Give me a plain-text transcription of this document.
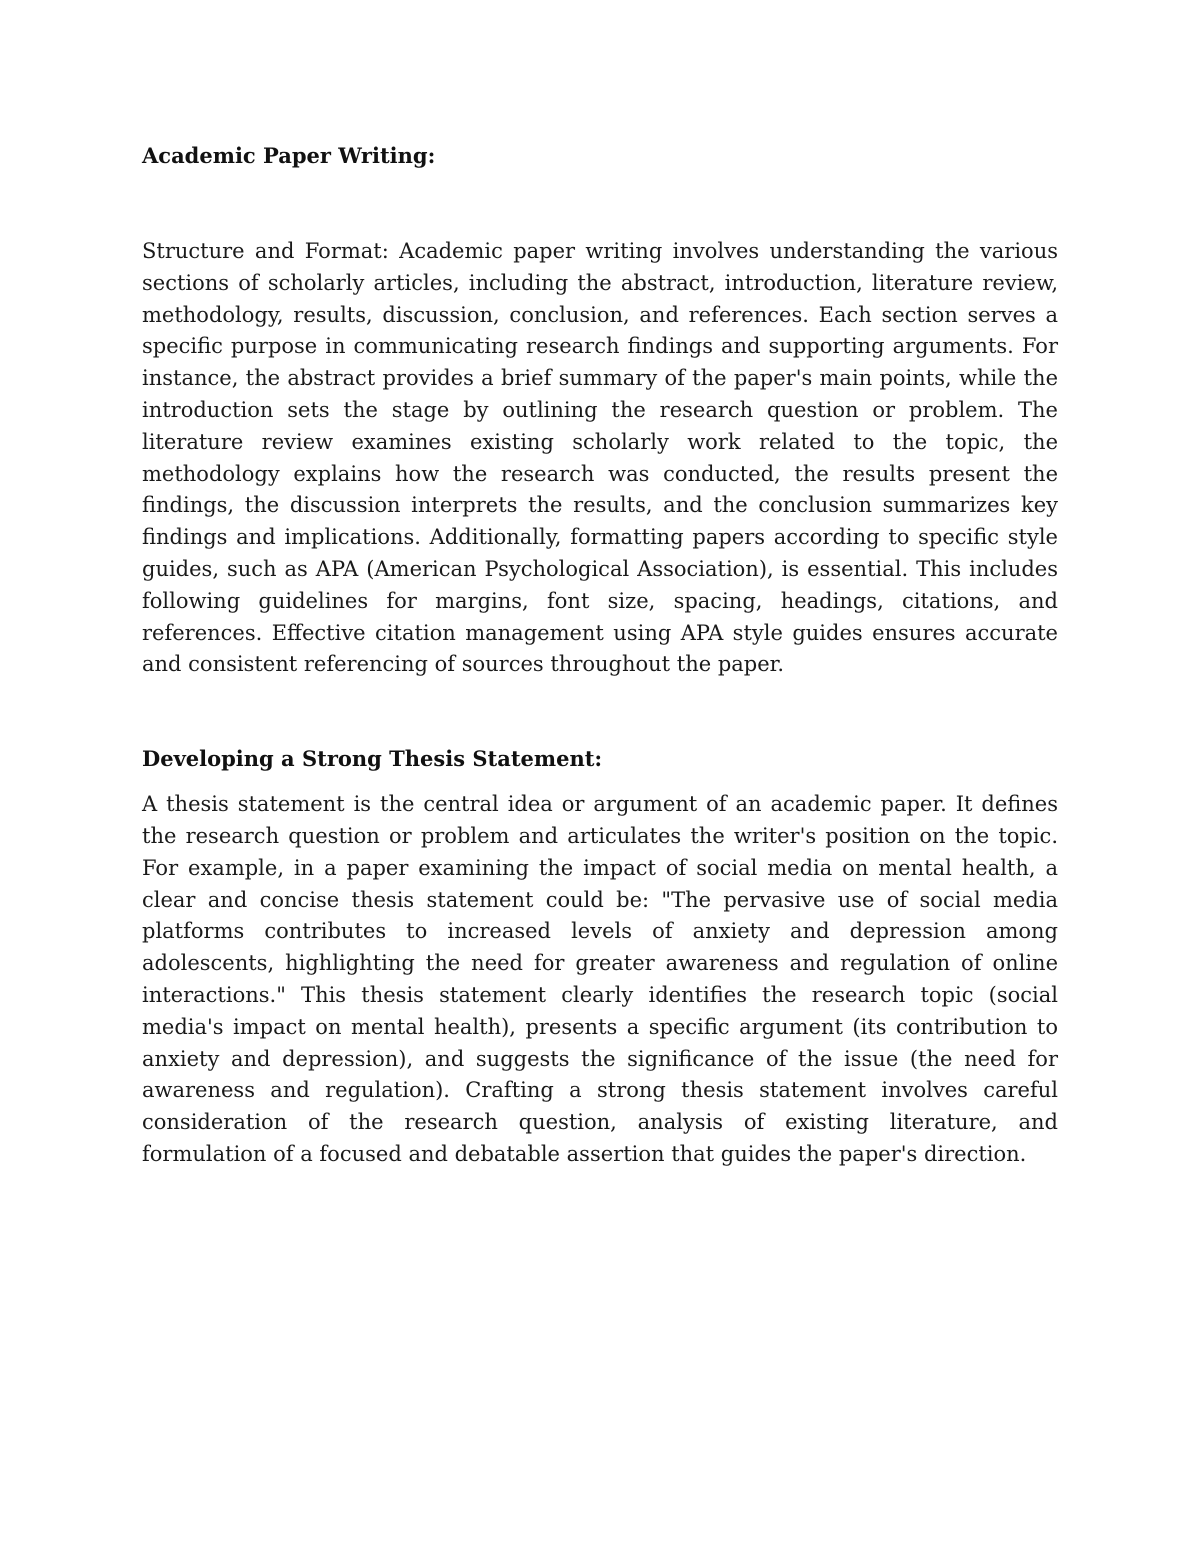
Academic Paper Writing:

Structure and Format: Academic paper writing involves understanding the various sections of scholarly articles, including the abstract, introduction, literature review, methodology, results, discussion, conclusion, and references. Each section serves a specific purpose in communicating research findings and supporting arguments. For instance, the abstract provides a brief summary of the paper's main points, while the introduction sets the stage by outlining the research question or problem. The literature review examines existing scholarly work related to the topic, the methodology explains how the research was conducted, the results present the findings, the discussion interprets the results, and the conclusion summarizes key findings and implications. Additionally, formatting papers according to specific style guides, such as APA (American Psychological Association), is essential. This includes following guidelines for margins, font size, spacing, headings, citations, and references. Effective citation management using APA style guides ensures accurate and consistent referencing of sources throughout the paper.

Developing a Strong Thesis Statement:

A thesis statement is the central idea or argument of an academic paper. It defines the research question or problem and articulates the writer's position on the topic. For example, in a paper examining the impact of social media on mental health, a clear and concise thesis statement could be: "The pervasive use of social media platforms contributes to increased levels of anxiety and depression among adolescents, highlighting the need for greater awareness and regulation of online interactions." This thesis statement clearly identifies the research topic (social media's impact on mental health), presents a specific argument (its contribution to anxiety and depression), and suggests the significance of the issue (the need for awareness and regulation). Crafting a strong thesis statement involves careful consideration of the research question, analysis of existing literature, and formulation of a focused and debatable assertion that guides the paper's direction.
